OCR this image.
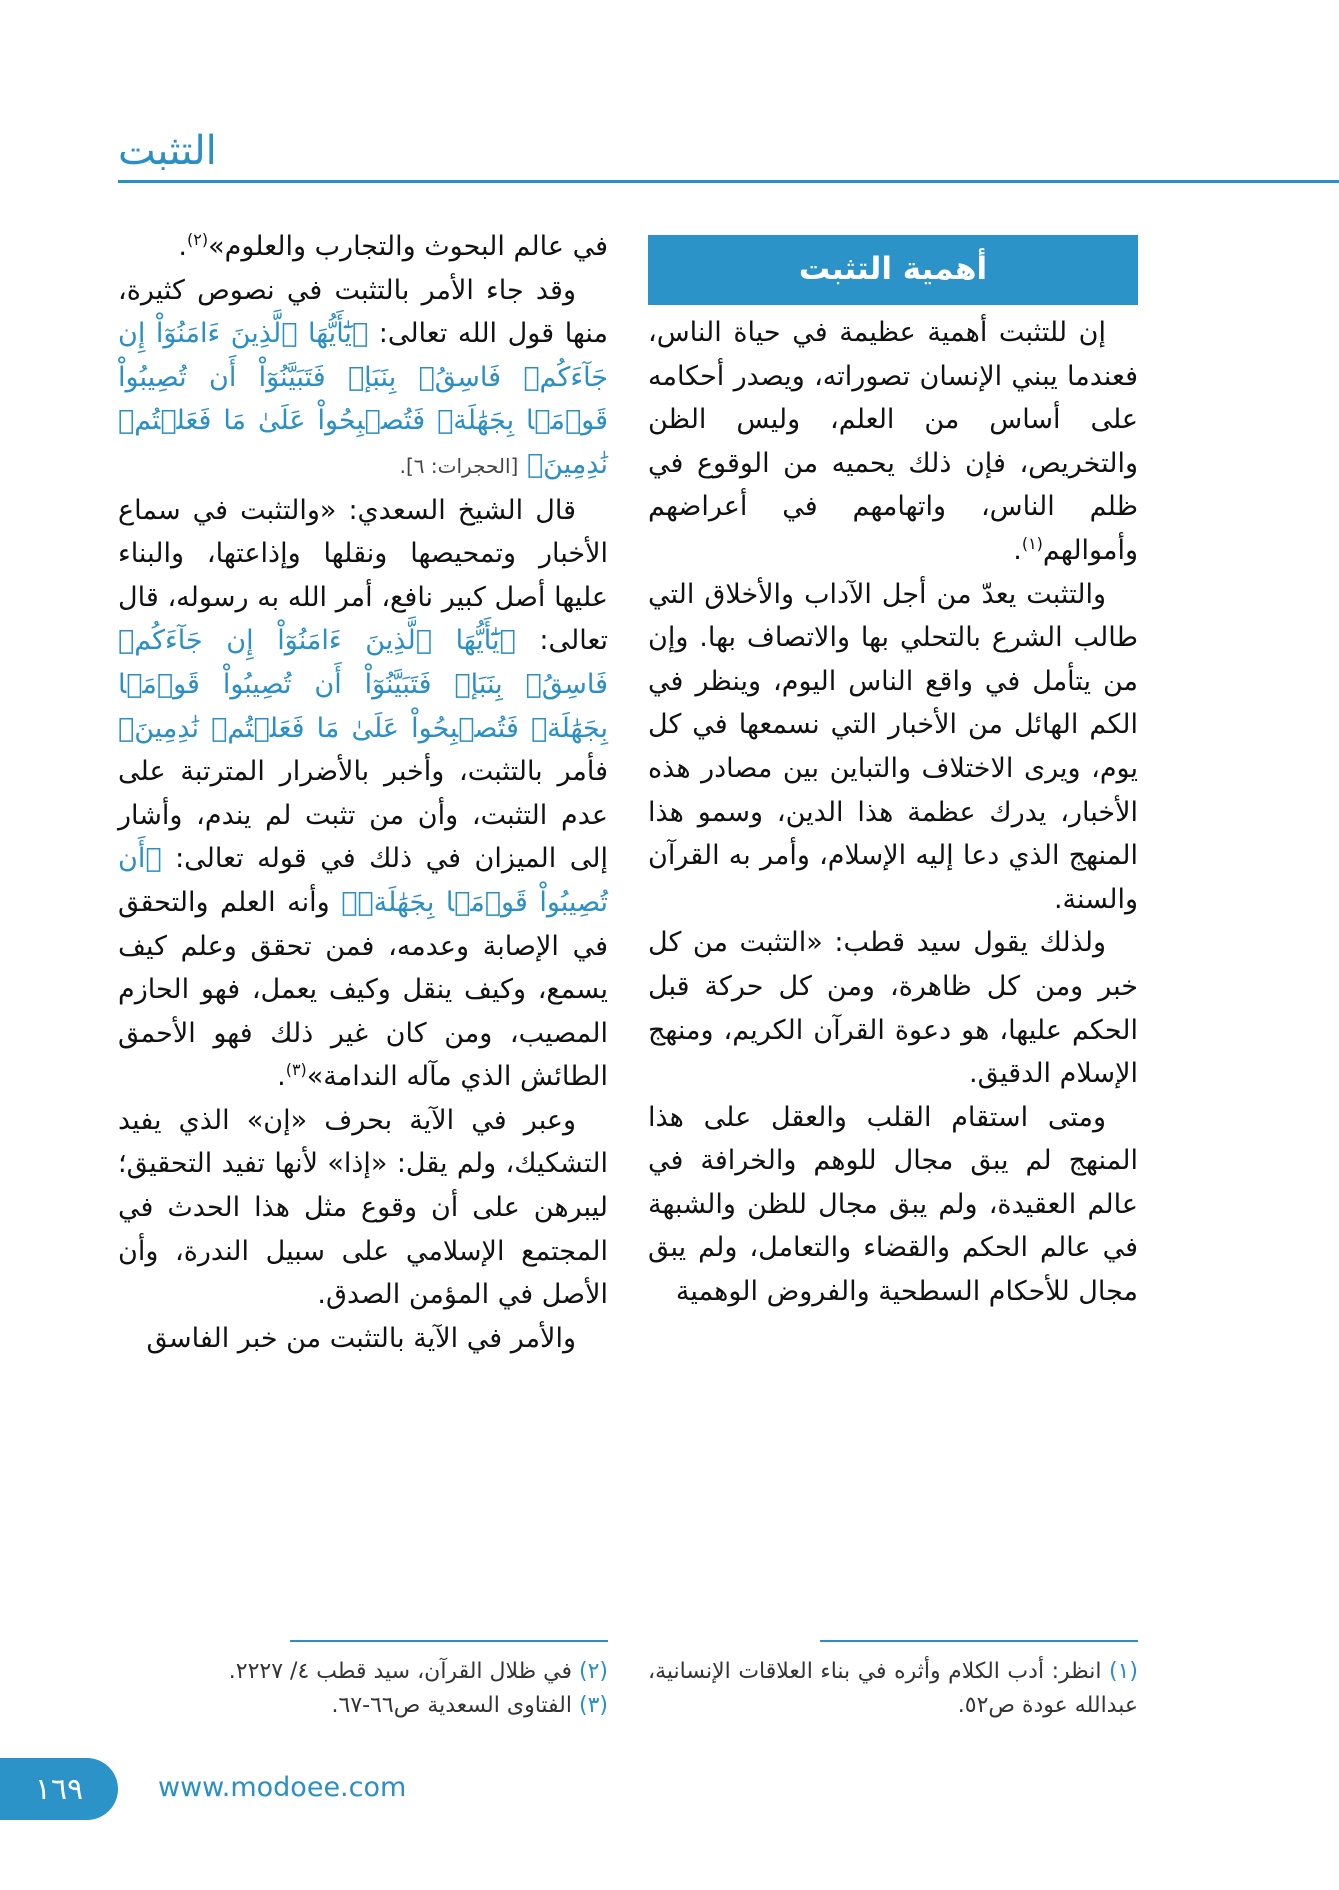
التثبت
أهمية التثبت

إن للتثبت أهمية عظيمة في حياة الناس، فعندما يبني الإنسان تصوراته، ويصدر أحكامه على أساس من العلم، وليس الظن والتخريص، فإن ذلك يحميه من الوقوع في ظلم الناس، واتهامهم في أعراضهم وأموالهم$^{(١)}$.

والتثبت يعدّ من أجل الآداب والأخلاق التي طالب الشرع بالتحلي بها والاتصاف بها. وإن من يتأمل في واقع الناس اليوم، وينظر في الكم الهائل من الأخبار التي نسمعها في كل يوم، ويرى الاختلاف والتباين بين مصادر هذه الأخبار، يدرك عظمة هذا الدين، وسمو هذا المنهج الذي دعا إليه الإسلام، وأمر به القرآن والسنة.

ولذلك يقول سيد قطب: «التثبت من كل خبر ومن كل ظاهرة، ومن كل حركة قبل الحكم عليها، هو دعوة القرآن الكريم، ومنهج الإسلام الدقيق.

ومتى استقام القلب والعقل على هذا المنهج لم يبق مجال للوهم والخرافة في عالم العقيدة، ولم يبق مجال للظن والشبهة في عالم الحكم والقضاء والتعامل، ولم يبق مجال للأحكام السطحية والفروض الوهمية

في عالم البحوث والتجارب والعلوم»$^{(٢)}$.

وقد جاء الأمر بالتثبت في نصوص كثيرة، منها قول الله تعالى: ﴿يَٰٓأَيُّهَا ٱلَّذِينَ ءَامَنُوٓاْ إِن جَآءَكُمۡ فَاسِقُۢ بِنَبَإٖ فَتَبَيَّنُوٓاْ أَن تُصِيبُواْ قَوۡمَۢا بِجَهَٰلَةٖ فَتُصۡبِحُواْ عَلَىٰ مَا فَعَلۡتُمۡ نَٰدِمِينَ﴾ [الحجرات: ٦].

قال الشيخ السعدي: «والتثبت في سماع الأخبار وتمحيصها ونقلها وإذاعتها، والبناء عليها أصل كبير نافع، أمر الله به رسوله، قال تعالى: ﴿يَٰٓأَيُّهَا ٱلَّذِينَ ءَامَنُوٓاْ إِن جَآءَكُمۡ فَاسِقُۢ بِنَبَإٖ فَتَبَيَّنُوٓاْ أَن تُصِيبُواْ قَوۡمَۢا بِجَهَٰلَةٖ فَتُصۡبِحُواْ عَلَىٰ مَا فَعَلۡتُمۡ نَٰدِمِينَ﴾ فأمر بالتثبت، وأخبر بالأضرار المترتبة على عدم التثبت، وأن من تثبت لم يندم، وأشار إلى الميزان في ذلك في قوله تعالى: ﴿أَن تُصِيبُواْ قَوۡمَۢا بِجَهَٰلَةٖ﴾ وأنه العلم والتحقق في الإصابة وعدمه، فمن تحقق وعلم كيف يسمع، وكيف ينقل وكيف يعمل، فهو الحازم المصيب، ومن كان غير ذلك فهو الأحمق الطائش الذي مآله الندامة»$^{(٣)}$.

وعبر في الآية بحرف «إن» الذي يفيد التشكيك، ولم يقل: «إذا» لأنها تفيد التحقيق؛ ليبرهن على أن وقوع مثل هذا الحدث في المجتمع الإسلامي على سبيل الندرة، وأن الأصل في المؤمن الصدق.

والأمر في الآية بالتثبت من خبر الفاسق

(١) انظر: أدب الكلام وأثره في بناء العلاقات الإنسانية، عبدالله عودة ص٥٢.

(٢) في ظلال القرآن، سيد قطب ٤/ ٢٢٢٧.

(٣) الفتاوى السعدية ص٦٦-٦٧.

١٦٩	www.modoee.com
